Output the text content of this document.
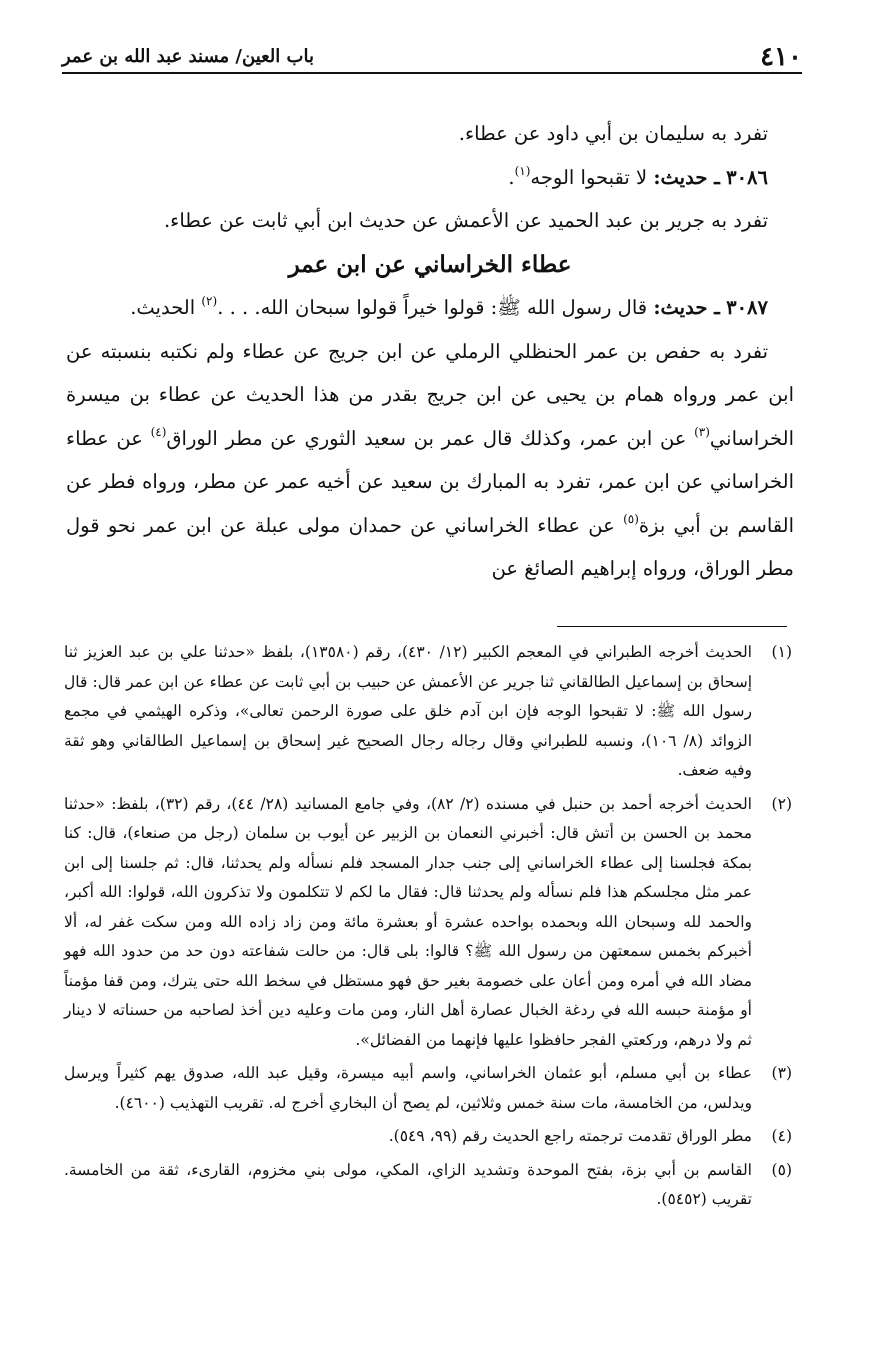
٤١٠
باب العين/ مسند عبد الله بن عمر

تفرد به سليمان بن أبي داود عن عطاء.

٣٠٨٦ ـ حديث: لا تقبحوا الوجه$^{(١)}$.

تفرد به جرير بن عبد الحميد عن الأعمش عن حديث ابن أبي ثابت عن عطاء.

عطاء الخراساني عن ابن عمر

٣٠٨٧ ـ حديث: قال رسول الله ﷺ: قولوا خيراً قولوا سبحان الله. . . .$^{(٢)}$ الحديث.

تفرد به حفص بن عمر الحنظلي الرملي عن ابن جريج عن عطاء ولم نكتبه بنسبته عن ابن عمر ورواه همام بن يحيى عن ابن جريج بقدر من هذا الحديث عن عطاء بن ميسرة الخراساني$^{(٣)}$ عن ابن عمر، وكذلك قال عمر بن سعيد الثوري عن مطر الوراق$^{(٤)}$ عن عطاء الخراساني عن ابن عمر، تفرد به المبارك بن سعيد عن أخيه عمر عن مطر، ورواه فطر عن القاسم بن أبي بزة$^{(٥)}$ عن عطاء الخراساني عن حمدان مولى عبلة عن ابن عمر نحو قول مطر الوراق، ورواه إبراهيم الصائغ عن

(١)
الحديث أخرجه الطبراني في المعجم الكبير (١٢/ ٤٣٠)، رقم (١٣٥٨٠)، بلفظ «حدثنا علي بن عبد العزيز ثنا إسحاق بن إسماعيل الطالقاني ثنا جرير عن الأعمش عن حبيب بن أبي ثابت عن عطاء عن ابن عمر قال: قال رسول الله ﷺ: لا تقبحوا الوجه فإن ابن آدم خلق على صورة الرحمن تعالى»، وذكره الهيثمي في مجمع الزوائد (٨/ ١٠٦)، ونسبه للطبراني وقال رجاله رجال الصحيح غير إسحاق بن إسماعيل الطالقاني وهو ثقة وفيه ضعف.
(٢)
الحديث أخرجه أحمد بن حنبل في مسنده (٢/ ٨٢)، وفي جامع المسانيد (٢٨/ ٤٤)، رقم (٣٢)، بلفظ: «حدثنا محمد بن الحسن بن أتش قال: أخبرني النعمان بن الزبير عن أيوب بن سلمان (رجل من صنعاء)، قال: كنا بمكة فجلسنا إلى عطاء الخراساني إلى جنب جدار المسجد فلم نسأله ولم يحدثنا، قال: ثم جلسنا إلى ابن عمر مثل مجلسكم هذا فلم نسأله ولم يحدثنا قال: فقال ما لكم لا تتكلمون ولا تذكرون الله، قولوا: الله أكبر، والحمد لله وسبحان الله وبحمده بواحده عشرة أو بعشرة مائة ومن زاد زاده الله ومن سكت غفر له، ألا أخبركم بخمس سمعتهن من رسول الله ﷺ؟ قالوا: بلى قال: من حالت شفاعته دون حد من حدود الله فهو مضاد الله في أمره ومن أعان على خصومة بغير حق فهو مستظل في سخط الله حتى يترك، ومن قفا مؤمناً أو مؤمنة حبسه الله في ردغة الخبال عصارة أهل النار، ومن مات وعليه دين أخذ لصاحبه من حسناته لا دينار ثم ولا درهم، وركعتي الفجر حافظوا عليها فإنهما من الفضائل».
(٣)
عطاء بن أبي مسلم، أبو عثمان الخراساني، واسم أبيه ميسرة، وقيل عبد الله، صدوق يهم كثيراً ويرسل ويدلس، من الخامسة، مات سنة خمس وثلاثين، لم يصح أن البخاري أخرج له. تقريب التهذيب (٤٦٠٠).
(٤)
مطر الوراق تقدمت ترجمته راجع الحديث رقم (٩٩، ٥٤٩).
(٥)
القاسم بن أبي بزة، بفتح الموحدة وتشديد الزاي، المكي، مولى بني مخزوم، القارىء، ثقة من الخامسة. تقريب (٥٤٥٢).
